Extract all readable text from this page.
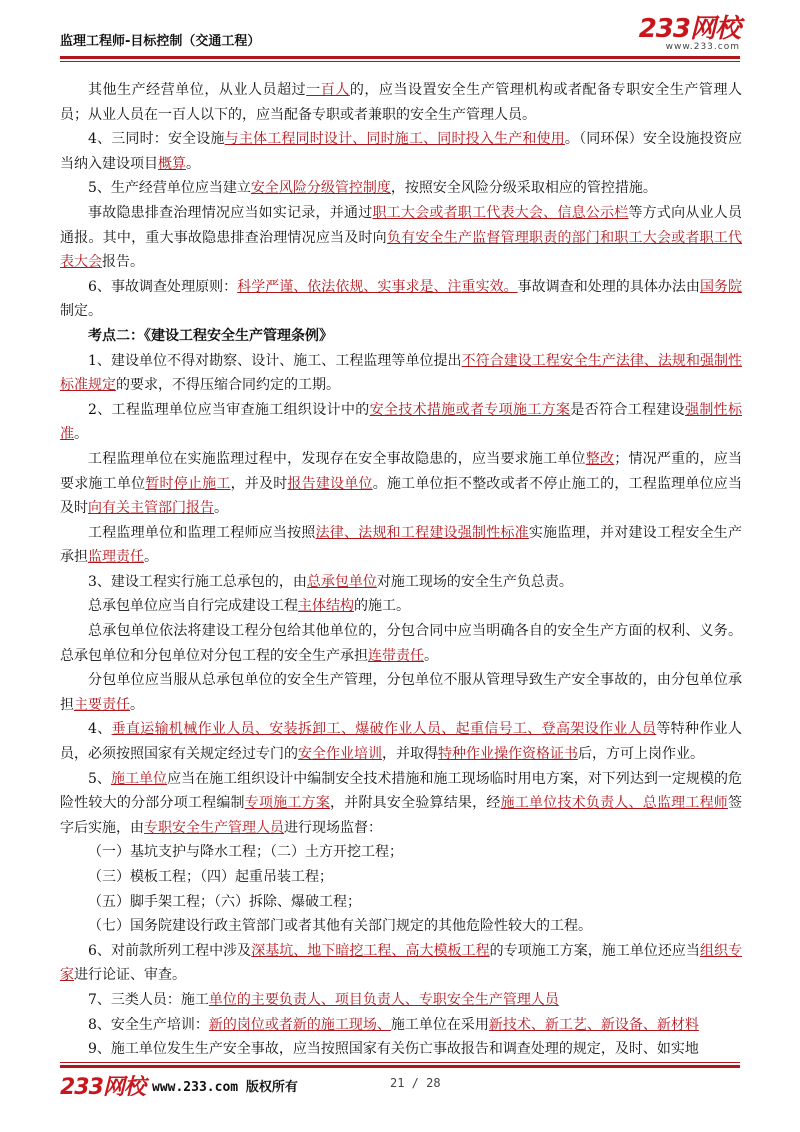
监理工程师-目标控制（交通工程）	233网校
www.233.com

其他生产经营单位，从业人员超过一百人的，应当设置安全生产管理机构或者配备专职安全生产管理人员；从业人员在一百人以下的，应当配备专职或者兼职的安全生产管理人员。

4、三同时：安全设施与主体工程同时设计、同时施工、同时投入生产和使用。（同环保）安全设施投资应当纳入建设项目概算。

5、生产经营单位应当建立安全风险分级管控制度，按照安全风险分级采取相应的管控措施。

事故隐患排查治理情况应当如实记录，并通过职工大会或者职工代表大会、信息公示栏等方式向从业人员通报。其中，重大事故隐患排查治理情况应当及时向负有安全生产监督管理职责的部门和职工大会或者职工代表大会报告。

6、事故调查处理原则：科学严谨、依法依规、实事求是、注重实效。事故调查和处理的具体办法由国务院制定。

考点二：《建设工程安全生产管理条例》

1、建设单位不得对勘察、设计、施工、工程监理等单位提出不符合建设工程安全生产法律、法规和强制性标准规定的要求，不得压缩合同约定的工期。

2、工程监理单位应当审查施工组织设计中的安全技术措施或者专项施工方案是否符合工程建设强制性标准。

工程监理单位在实施监理过程中，发现存在安全事故隐患的，应当要求施工单位整改；情况严重的，应当要求施工单位暂时停止施工，并及时报告建设单位。施工单位拒不整改或者不停止施工的，工程监理单位应当及时向有关主管部门报告。

工程监理单位和监理工程师应当按照法律、法规和工程建设强制性标准实施监理，并对建设工程安全生产承担监理责任。

3、建设工程实行施工总承包的，由总承包单位对施工现场的安全生产负总责。

总承包单位应当自行完成建设工程主体结构的施工。

总承包单位依法将建设工程分包给其他单位的，分包合同中应当明确各自的安全生产方面的权利、义务。总承包单位和分包单位对分包工程的安全生产承担连带责任。

分包单位应当服从总承包单位的安全生产管理，分包单位不服从管理导致生产安全事故的，由分包单位承担主要责任。

4、垂直运输机械作业人员、安装拆卸工、爆破作业人员、起重信号工、登高架设作业人员等特种作业人员，必须按照国家有关规定经过专门的安全作业培训，并取得特种作业操作资格证书后，方可上岗作业。

5、施工单位应当在施工组织设计中编制安全技术措施和施工现场临时用电方案，对下列达到一定规模的危险性较大的分部分项工程编制专项施工方案，并附具安全验算结果，经施工单位技术负责人、总监理工程师签字后实施，由专职安全生产管理人员进行现场监督：

（一）基坑支护与降水工程；（二）土方开挖工程；

（三）模板工程；（四）起重吊装工程；

（五）脚手架工程；（六）拆除、爆破工程；

（七）国务院建设行政主管部门或者其他有关部门规定的其他危险性较大的工程。

6、对前款所列工程中涉及深基坑、地下暗挖工程、高大模板工程的专项施工方案，施工单位还应当组织专家进行论证、审查。

7、三类人员：施工单位的主要负责人、项目负责人、专职安全生产管理人员

8、安全生产培训：新的岗位或者新的施工现场、施工单位在采用新技术、新工艺、新设备、新材料

9、施工单位发生生产安全事故，应当按照国家有关伤亡事故报告和调查处理的规定，及时、如实地

233网校 www.233.com 版权所有	21 / 28
